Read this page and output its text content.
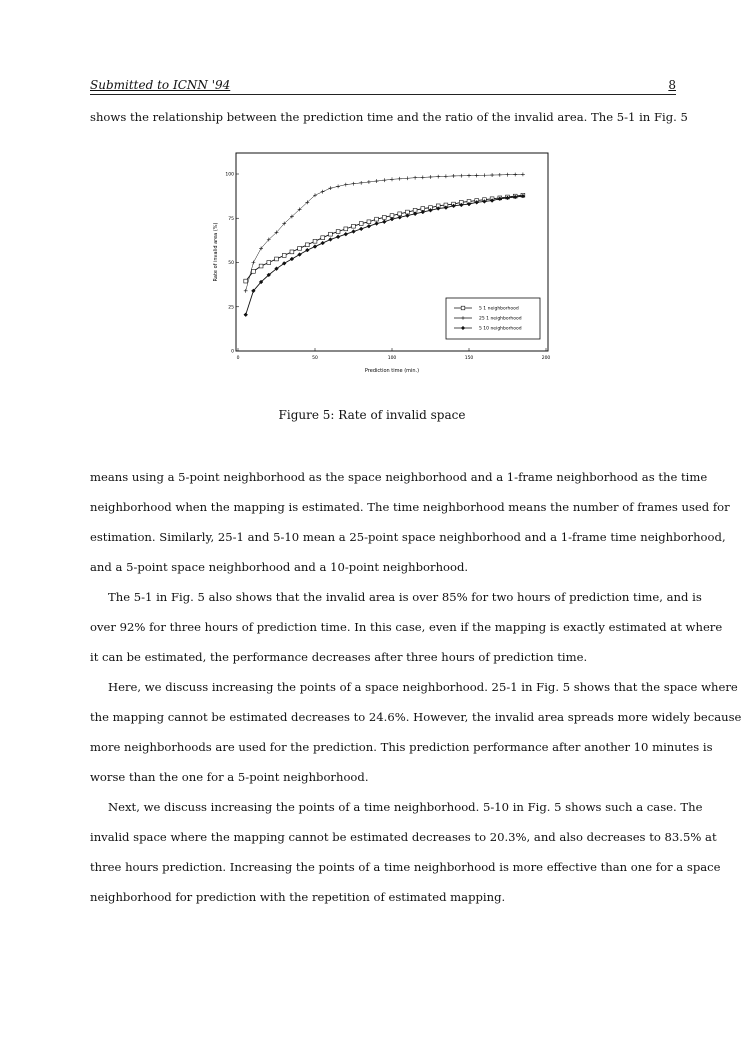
Submitted to ICNN '94	8
shows the relationship between the prediction time and the ratio of the invalid area. The 5-1 in Fig. 5
0	50	100	150	200
0
25
50
75
100
Prediction time (min.)
Rate of invalid area (%)
5 1 neighborhood
25 1 neighborhood
5 10 neighborhood
Figure 5: Rate of invalid space
means using a 5-point neighborhood as the space neighborhood and a 1-frame neighborhood as the time
neighborhood when the mapping is estimated. The time neighborhood means the number of frames used for
estimation. Similarly, 25-1 and 5-10 mean a 25-point space neighborhood and a 1-frame time neighborhood,
and a 5-point space neighborhood and a 10-point neighborhood.
The 5-1 in Fig. 5 also shows that the invalid area is over 85% for two hours of prediction time, and is
over 92% for three hours of prediction time. In this case, even if the mapping is exactly estimated at where
it can be estimated, the performance decreases after three hours of prediction time.
Here, we discuss increasing the points of a space neighborhood. 25-1 in Fig. 5 shows that the space where
the mapping cannot be estimated decreases to 24.6%. However, the invalid area spreads more widely because
more neighborhoods are used for the prediction. This prediction performance after another 10 minutes is
worse than the one for a 5-point neighborhood.
Next, we discuss increasing the points of a time neighborhood. 5-10 in Fig. 5 shows such a case. The
invalid space where the mapping cannot be estimated decreases to 20.3%, and also decreases to 83.5% at
three hours prediction. Increasing the points of a time neighborhood is more effective than one for a space
neighborhood for prediction with the repetition of estimated mapping.
